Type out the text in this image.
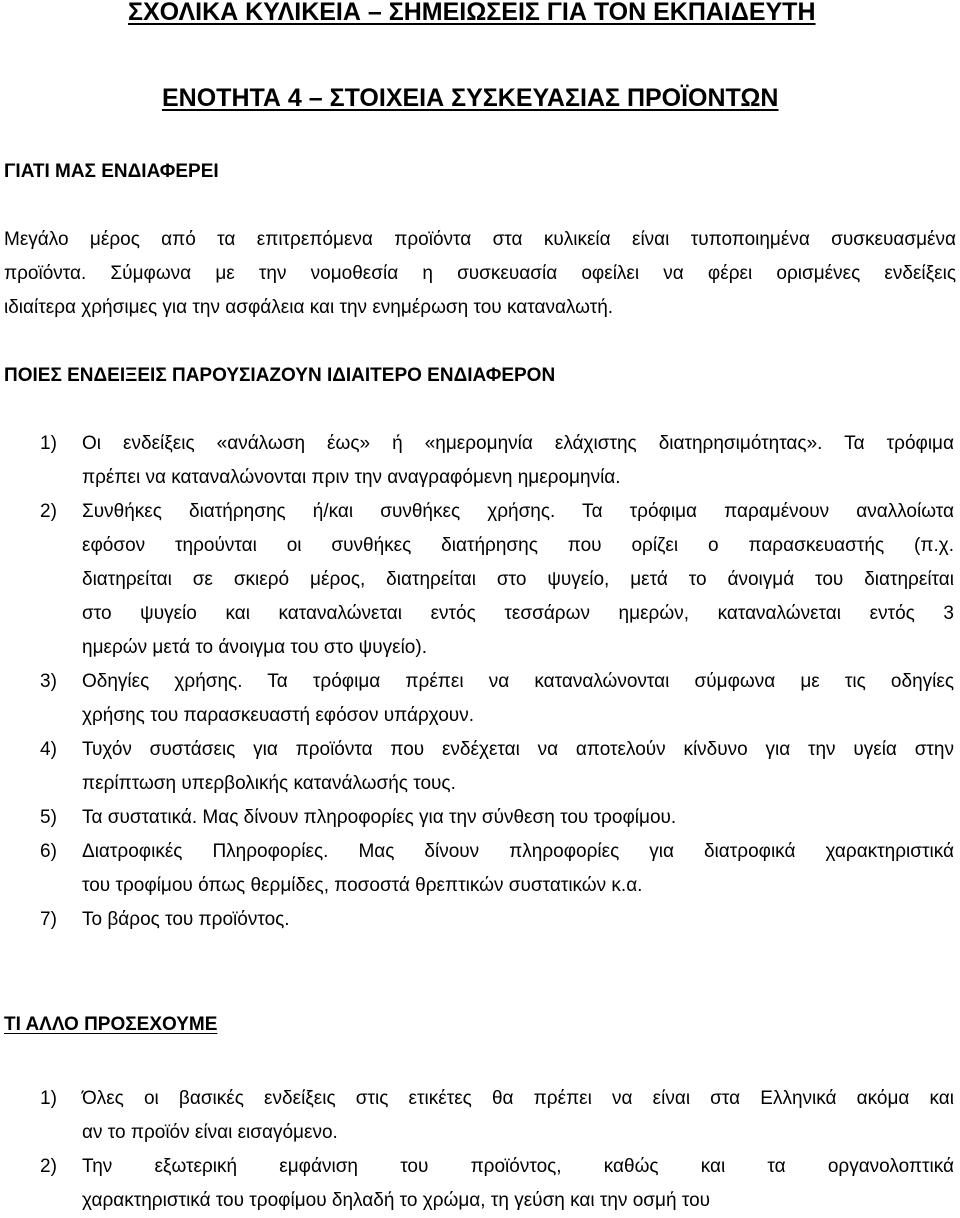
ΣΧΟΛΙΚΑ ΚΥΛΙΚΕΙΑ – ΣΗΜΕΙΩΣΕΙΣ ΓΙΑ ΤΟΝ ΕΚΠΑΙΔΕΥΤΗ
ΕΝΟΤΗΤΑ 4 – ΣΤΟΙΧΕΙΑ ΣΥΣΚΕΥΑΣΙΑΣ ΠΡΟΪΟΝΤΩΝ
ΓΙΑΤΙ ΜΑΣ ΕΝΔΙΑΦΕΡΕΙ
Μεγάλο μέρος από τα επιτρεπόμενα προϊόντα στα κυλικεία είναι τυποποιημένα συσκευασμένα
προϊόντα. Σύμφωνα με την νομοθεσία η συσκευασία οφείλει να φέρει ορισμένες ενδείξεις
ιδιαίτερα χρήσιμες για την ασφάλεια και την ενημέρωση του καταναλωτή.
ΠΟΙΕΣ ΕΝΔΕΙΞΕΙΣ ΠΑΡΟΥΣΙΑΖΟΥΝ ΙΔΙΑΙΤΕΡΟ ΕΝΔΙΑΦΕΡΟΝ
1) Οι ενδείξεις «ανάλωση έως» ή «ημερομηνία ελάχιστης διατηρησιμότητας». Τα τρόφιμα
πρέπει να καταναλώνονται πριν την αναγραφόμενη ημερομηνία.
2) Συνθήκες διατήρησης ή/και συνθήκες χρήσης. Τα τρόφιμα παραμένουν αναλλοίωτα
εφόσον τηρούνται οι συνθήκες διατήρησης που ορίζει ο παρασκευαστής (π.χ.
διατηρείται σε σκιερό μέρος, διατηρείται στο ψυγείο, μετά το άνοιγμά του διατηρείται
στο ψυγείο και καταναλώνεται εντός τεσσάρων ημερών, καταναλώνεται εντός 3
ημερών μετά το άνοιγμα του στο ψυγείο).
3) Οδηγίες χρήσης. Τα τρόφιμα πρέπει να καταναλώνονται σύμφωνα με τις οδηγίες
χρήσης του παρασκευαστή εφόσον υπάρχουν.
4) Τυχόν συστάσεις για προϊόντα που ενδέχεται να αποτελούν κίνδυνο για την υγεία στην
περίπτωση υπερβολικής κατανάλωσής τους.
5) Τα συστατικά. Μας δίνουν πληροφορίες για την σύνθεση του τροφίμου.
6) Διατροφικές Πληροφορίες. Μας δίνουν πληροφορίες για διατροφικά χαρακτηριστικά
του τροφίμου όπως θερμίδες, ποσοστά θρεπτικών συστατικών κ.α.
7) Το βάρος του προϊόντος.
ΤΙ ΑΛΛΟ ΠΡΟΣΕΧΟΥΜΕ
1) Όλες οι βασικές ενδείξεις στις ετικέτες θα πρέπει να είναι στα Ελληνικά ακόμα και
αν το προϊόν είναι εισαγόμενο.
2) Την εξωτερική εμφάνιση του προϊόντος, καθώς και τα οργανολοπτικά
χαρακτηριστικά του τροφίμου δηλαδή το χρώμα, τη γεύση και την οσμή του
